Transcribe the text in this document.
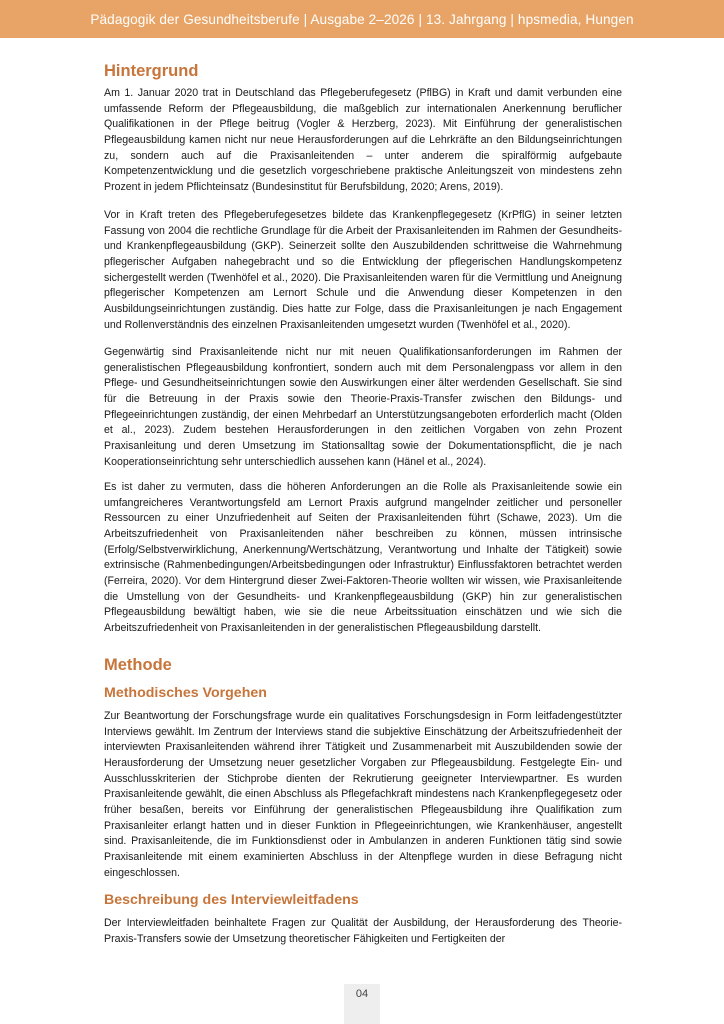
Pädagogik der Gesundheitsberufe | Ausgabe 2–2026 | 13. Jahrgang | hpsmedia, Hungen
Hintergrund

Am 1. Januar 2020 trat in Deutschland das Pflegeberufegesetz (PflBG) in Kraft und damit verbunden eine umfassende Reform der Pflegeausbildung, die maßgeblich zur internationalen Anerkennung beruflicher Qualifikationen in der Pflege beitrug (Vogler & Herzberg, 2023). Mit Einführung der generalistischen Pflegeausbildung kamen nicht nur neue Herausforderungen auf die Lehrkräfte an den Bildungseinrichtungen zu, sondern auch auf die Praxisanleitenden – unter anderem die spiralförmig aufgebaute Kompetenzentwicklung und die gesetzlich vorgeschriebene praktische Anleitungszeit von mindestens zehn Prozent in jedem Pflichteinsatz (Bundesinstitut für Berufsbildung, 2020; Arens, 2019).

Vor in Kraft treten des Pflegeberufegesetzes bildete das Krankenpflegegesetz (KrPflG) in seiner letzten Fassung von 2004 die rechtliche Grundlage für die Arbeit der Praxisanleitenden im Rahmen der Gesundheits- und Krankenpflegeausbildung (GKP). Seinerzeit sollte den Auszubildenden schrittweise die Wahrnehmung pflegerischer Aufgaben nahegebracht und so die Entwicklung der pflegerischen Handlungskompetenz sichergestellt werden (Twenhöfel et al., 2020). Die Praxisanleitenden waren für die Vermittlung und Aneignung pflegerischer Kompetenzen am Lernort Schule und die Anwendung dieser Kompetenzen in den Ausbildungseinrichtungen zuständig. Dies hatte zur Folge, dass die Praxisanleitungen je nach Engagement und Rollenverständnis des einzelnen Praxisanleitenden umgesetzt wurden (Twenhöfel et al., 2020).

Gegenwärtig sind Praxisanleitende nicht nur mit neuen Qualifikationsanforderungen im Rahmen der generalistischen Pflegeausbildung konfrontiert, sondern auch mit dem Personalengpass vor allem in den Pflege- und Gesundheitseinrichtungen sowie den Auswirkungen einer älter werdenden Gesellschaft. Sie sind für die Betreuung in der Praxis sowie den Theorie-Praxis-Transfer zwischen den Bildungs- und Pflegeeinrichtungen zuständig, der einen Mehrbedarf an Unterstützungsangeboten erforderlich macht (Olden et al., 2023). Zudem bestehen Herausforderungen in den zeitlichen Vorgaben von zehn Prozent Praxisanleitung und deren Umsetzung im Stationsalltag sowie der Dokumentationspflicht, die je nach Kooperationseinrichtung sehr unterschiedlich aussehen kann (Hänel et al., 2024).

Es ist daher zu vermuten, dass die höheren Anforderungen an die Rolle als Praxisanleitende sowie ein umfangreicheres Verantwortungsfeld am Lernort Praxis aufgrund mangelnder zeitlicher und personeller Ressourcen zu einer Unzufriedenheit auf Seiten der Praxisanleitenden führt (Schawe, 2023). Um die Arbeitszufriedenheit von Praxisanleitenden näher beschreiben zu können, müssen intrinsische (Erfolg/Selbstverwirklichung, Anerkennung/Wertschätzung, Verantwortung und Inhalte der Tätigkeit) sowie extrinsische (Rahmenbedingungen/Arbeitsbedingungen oder Infrastruktur) Einflussfaktoren betrachtet werden (Ferreira, 2020). Vor dem Hintergrund dieser Zwei-Faktoren-Theorie wollten wir wissen, wie Praxisanleitende die Umstellung von der Gesundheits- und Krankenpflegeausbildung (GKP) hin zur generalistischen Pflegeausbildung bewältigt haben, wie sie die neue Arbeitssituation einschätzen und wie sich die Arbeitszufriedenheit von Praxisanleitenden in der generalistischen Pflegeausbildung darstellt.

Methode
Methodisches Vorgehen

Zur Beantwortung der Forschungsfrage wurde ein qualitatives Forschungsdesign in Form leitfadengestützter Interviews gewählt. Im Zentrum der Interviews stand die subjektive Einschätzung der Arbeitszufriedenheit der interviewten Praxisanleitenden während ihrer Tätigkeit und Zusammenarbeit mit Auszubildenden sowie der Herausforderung der Umsetzung neuer gesetzlicher Vorgaben zur Pflegeausbildung. Festgelegte Ein- und Ausschlusskriterien der Stichprobe dienten der Rekrutierung geeigneter Interviewpartner. Es wurden Praxisanleitende gewählt, die einen Abschluss als Pflegefachkraft mindestens nach Krankenpflegegesetz oder früher besaßen, bereits vor Einführung der generalistischen Pflegeausbildung ihre Qualifikation zum Praxisanleiter erlangt hatten und in dieser Funktion in Pflegeeinrichtungen, wie Krankenhäuser, angestellt sind. Praxisanleitende, die im Funktionsdienst oder in Ambulanzen in anderen Funktionen tätig sind sowie Praxisanleitende mit einem examinierten Abschluss in der Altenpflege wurden in diese Befragung nicht eingeschlossen.

Beschreibung des Interviewleitfadens

Der Interviewleitfaden beinhaltete Fragen zur Qualität der Ausbildung, der Herausforderung des Theorie-Praxis-Transfers sowie der Umsetzung theoretischer Fähigkeiten und Fertigkeiten der

04
